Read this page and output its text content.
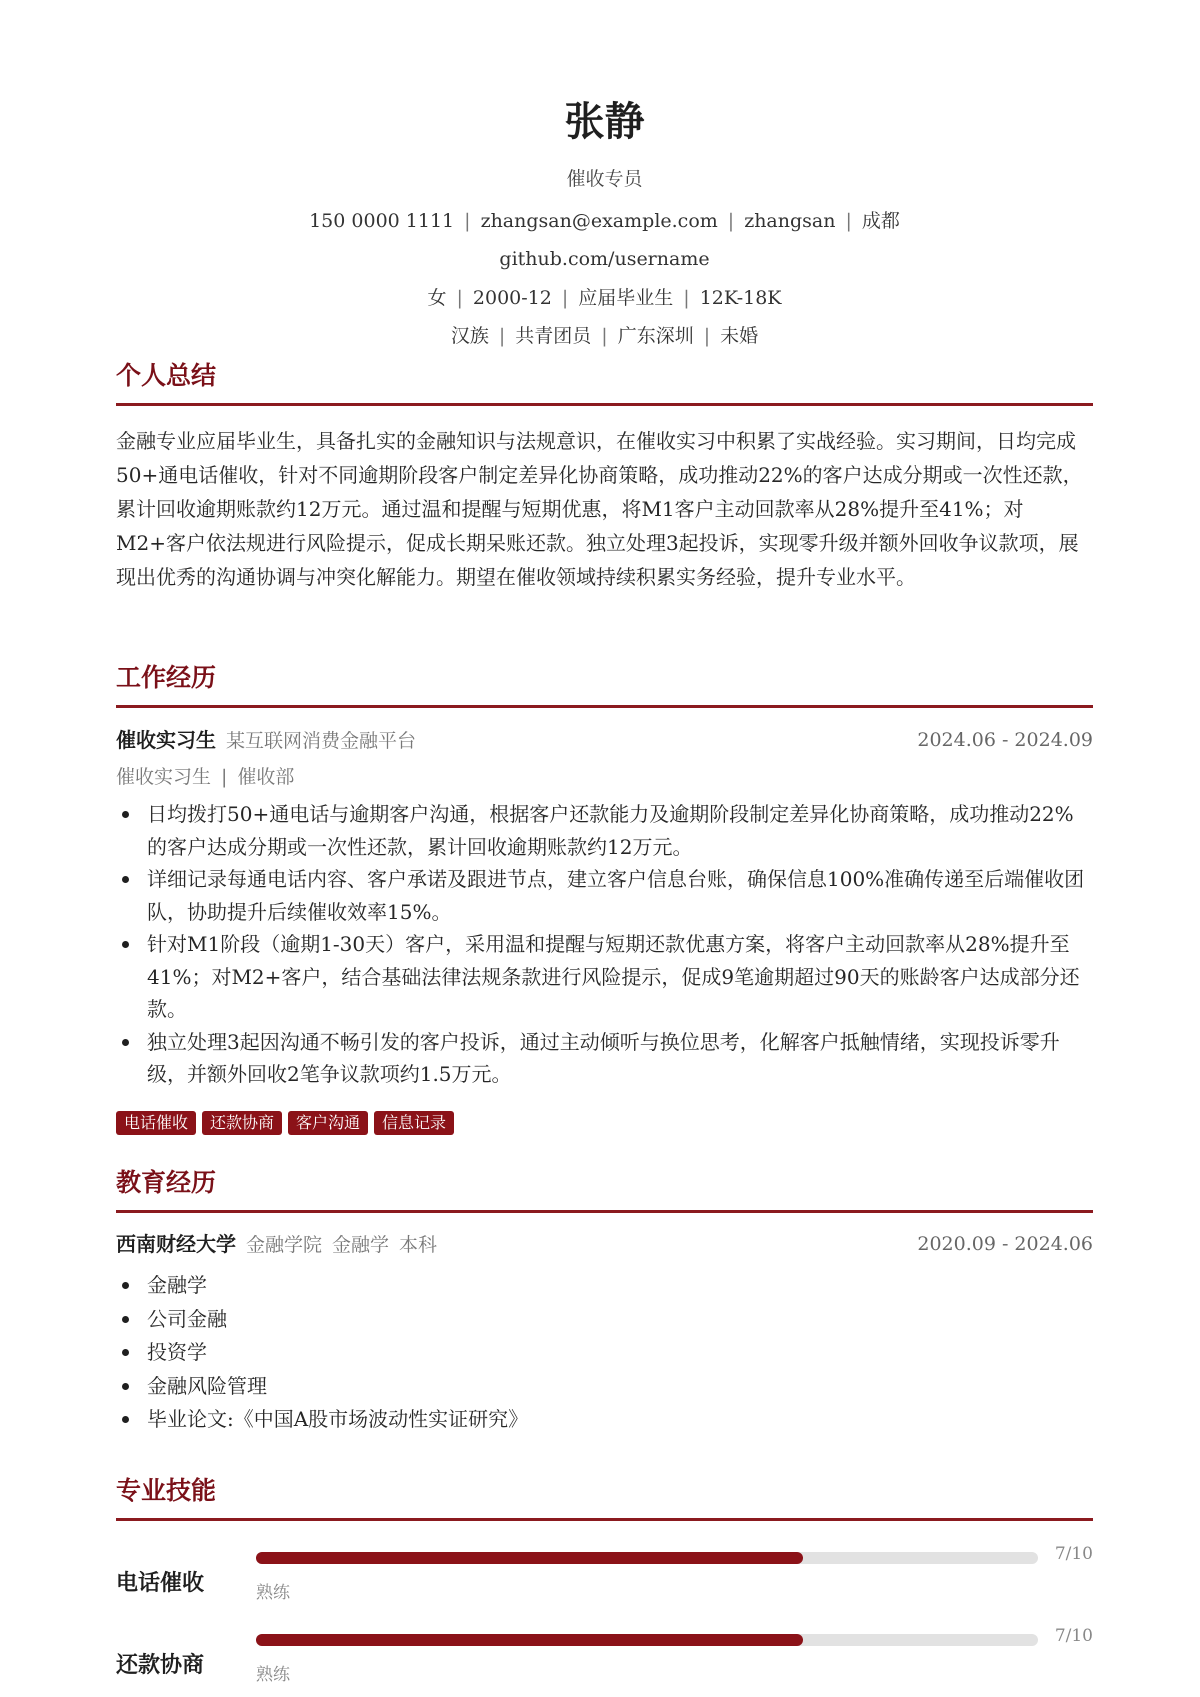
张静
催收专员
150 0000 1111 | zhangsan@example.com | zhangsan | 成都
github.com/username
女 | 2000-12 | 应届毕业生 | 12K-18K
汉族 | 共青团员 | 广东深圳 | 未婚
个人总结
金融专业应届毕业生，具备扎实的金融知识与法规意识，在催收实习中积累了实战经验。实习期间，日均完成50+通电话催收，针对不同逾期阶段客户制定差异化协商策略，成功推动22%的客户达成分期或一次性还款，累计回收逾期账款约12万元。通过温和提醒与短期优惠，将M1客户主动回款率从28%提升至41%；对M2+客户依法规进行风险提示，促成长期呆账还款。独立处理3起投诉，实现零升级并额外回收争议款项，展现出优秀的沟通协调与冲突化解能力。期望在催收领域持续积累实务经验，提升专业水平。
工作经历
催收实习生 某互联网消费金融平台	2024.06 - 2024.09
催收实习生 | 催收部
日均拨打50+通电话与逾期客户沟通，根据客户还款能力及逾期阶段制定差异化协商策略，成功推动22%的客户达成分期或一次性还款，累计回收逾期账款约12万元。
详细记录每通电话内容、客户承诺及跟进节点，建立客户信息台账，确保信息100%准确传递至后端催收团队，协助提升后续催收效率15%。
针对M1阶段（逾期1-30天）客户，采用温和提醒与短期还款优惠方案，将客户主动回款率从28%提升至41%；对M2+客户，结合基础法律法规条款进行风险提示，促成9笔逾期超过90天的账龄客户达成部分还款。
独立处理3起因沟通不畅引发的客户投诉，通过主动倾听与换位思考，化解客户抵触情绪，实现投诉零升级，并额外回收2笔争议款项约1.5万元。
电话催收	还款协商	客户沟通	信息记录
教育经历
西南财经大学 金融学院 金融学 本科	2020.09 - 2024.06
金融学
公司金融
投资学
金融风险管理
毕业论文:《中国A股市场波动性实证研究》
专业技能
电话催收
7/10
熟练
还款协商
7/10
熟练
